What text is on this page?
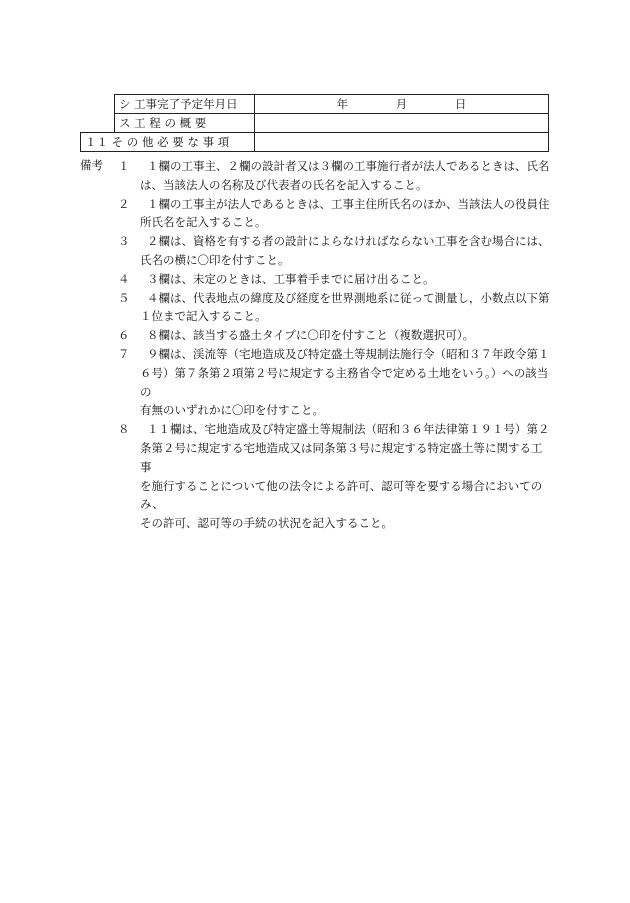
	シ 工事完了予定年月日	年 月 日
	ス 工 程 の 概 要	
１１ そ の 他 必 要 な 事 項		
備考 １ １欄の工事主、２欄の設計者又は３欄の工事施行者が法人であるときは、氏名
は、当該法人の名称及び代表者の氏名を記入すること。
２ １欄の工事主が法人であるときは、工事主住所氏名のほか、当該法人の役員住
所氏名を記入すること。
３ ２欄は、資格を有する者の設計によらなければならない工事を含む場合には、
氏名の横に〇印を付すこと。
４ ３欄は、未定のときは、工事着手までに届け出ること。
５ ４欄は、代表地点の緯度及び経度を世界測地系に従って測量し，小数点以下第
１位まで記入すること。
６ ８欄は、該当する盛土タイプに〇印を付すこと（複数選択可）。
７ ９欄は、渓流等（宅地造成及び特定盛土等規制法施行令（昭和３７年政令第１
６号）第７条第２項第２号に規定する主務省令で定める土地をいう。）への該当の
有無のいずれかに〇印を付すこと。
８ １１欄は、宅地造成及び特定盛土等規制法（昭和３６年法律第１９１号）第２
条第２号に規定する宅地造成又は同条第３号に規定する特定盛土等に関する工事
を施行することについて他の法令による許可、認可等を要する場合においてのみ、
その許可、認可等の手続の状況を記入すること。
